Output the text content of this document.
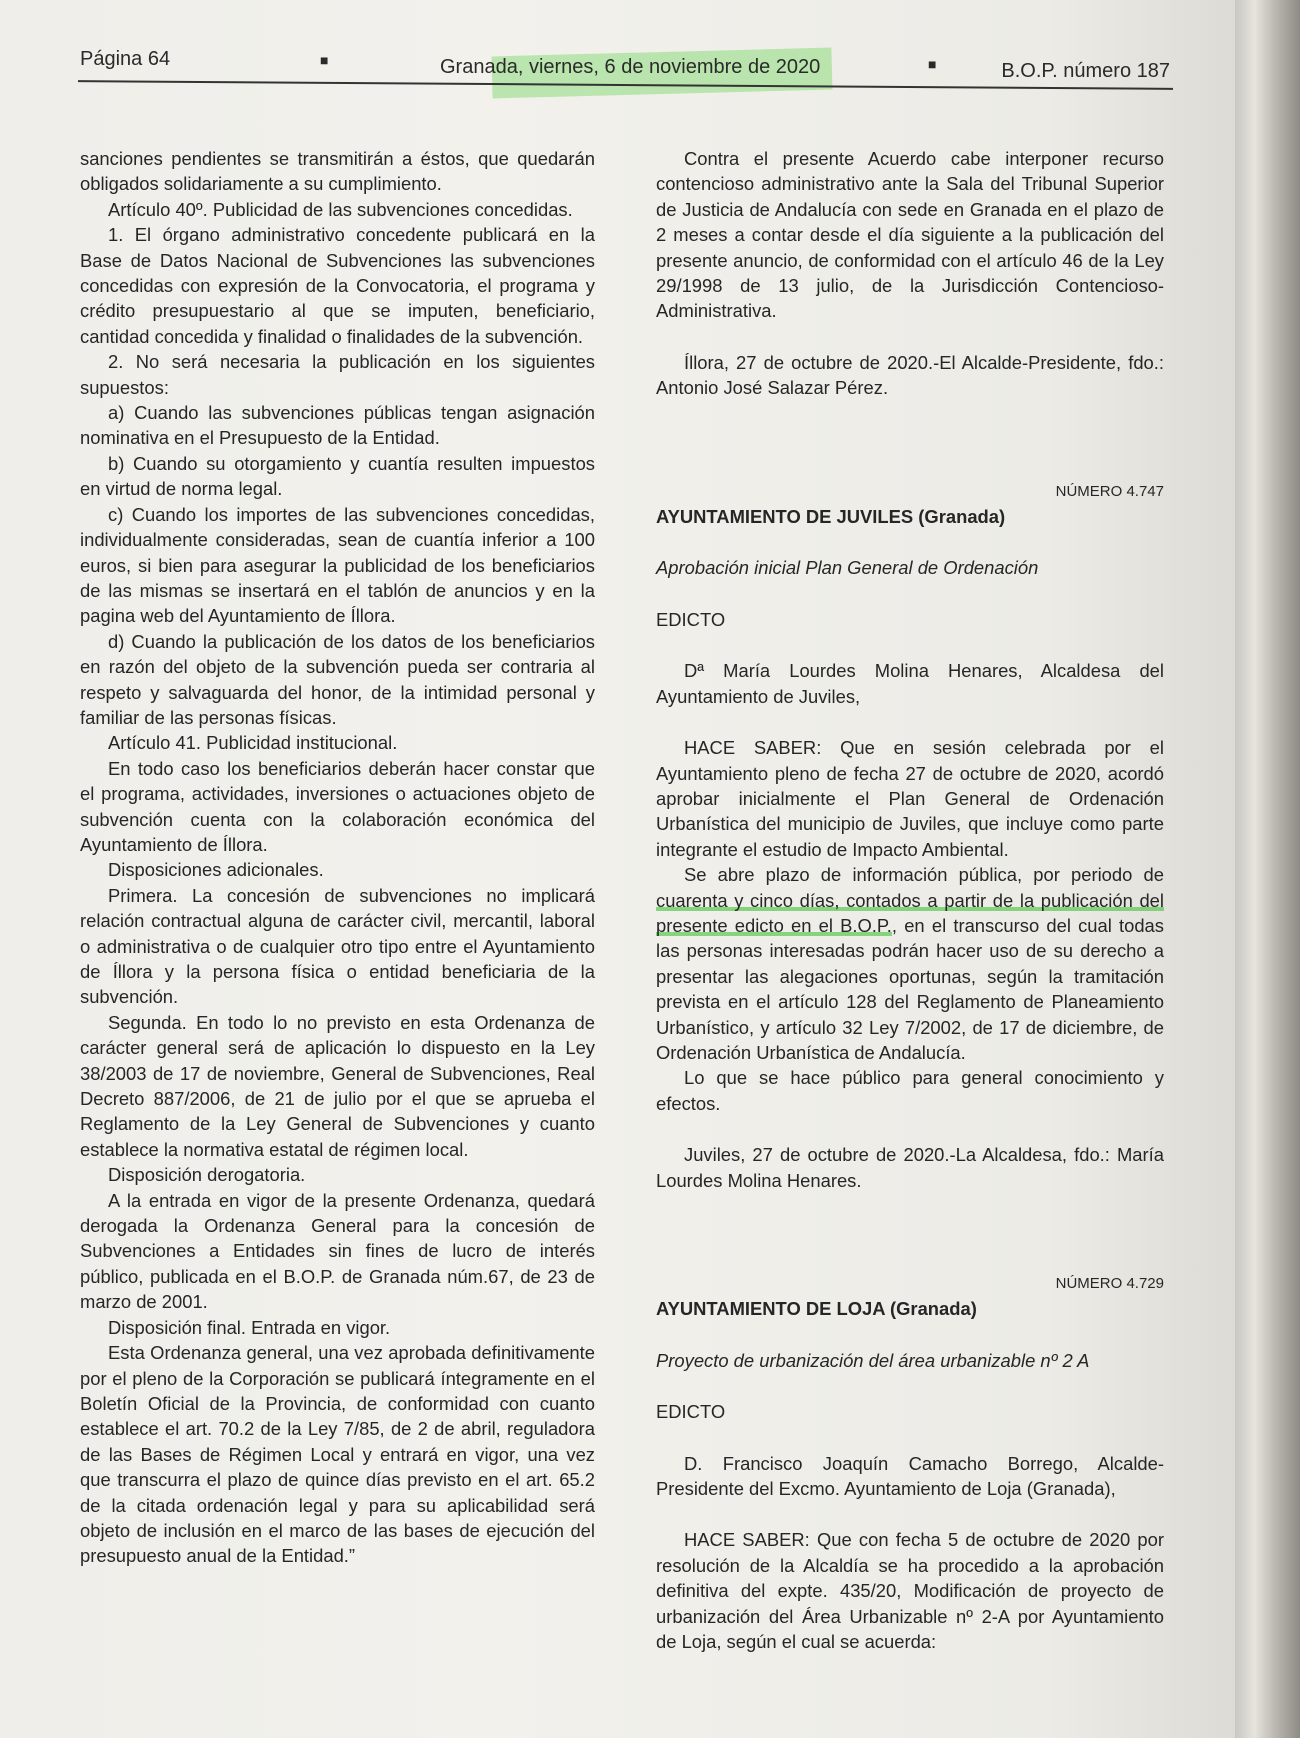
Página 64	■	Granada, viernes, 6 de noviembre de 2020	■	B.O.P. número 187

sanciones pendientes se transmitirán a éstos, que quedarán obligados solidariamente a su cumplimiento.

Artículo 40º. Publicidad de las subvenciones concedidas.

1. El órgano administrativo concedente publicará en la Base de Datos Nacional de Subvenciones las subvenciones concedidas con expresión de la Convocatoria, el programa y crédito presupuestario al que se imputen, beneficiario, cantidad concedida y finalidad o finalidades de la subvención.

2. No será necesaria la publicación en los siguientes supuestos:

a) Cuando las subvenciones públicas tengan asignación nominativa en el Presupuesto de la Entidad.

b) Cuando su otorgamiento y cuantía resulten impuestos en virtud de norma legal.

c) Cuando los importes de las subvenciones concedidas, individualmente consideradas, sean de cuantía inferior a 100 euros, si bien para asegurar la publicidad de los beneficiarios de las mismas se insertará en el tablón de anuncios y en la pagina web del Ayuntamiento de Íllora.

d) Cuando la publicación de los datos de los beneficiarios en razón del objeto de la subvención pueda ser contraria al respeto y salvaguarda del honor, de la intimidad personal y familiar de las personas físicas.

Artículo 41. Publicidad institucional.

En todo caso los beneficiarios deberán hacer constar que el programa, actividades, inversiones o actuaciones objeto de subvención cuenta con la colaboración económica del Ayuntamiento de Íllora.

Disposiciones adicionales.

Primera. La concesión de subvenciones no implicará relación contractual alguna de carácter civil, mercantil, laboral o administrativa o de cualquier otro tipo entre el Ayuntamiento de Íllora y la persona física o entidad beneficiaria de la subvención.

Segunda. En todo lo no previsto en esta Ordenanza de carácter general será de aplicación lo dispuesto en la Ley 38/2003 de 17 de noviembre, General de Subvenciones, Real Decreto 887/2006, de 21 de julio por el que se aprueba el Reglamento de la Ley General de Subvenciones y cuanto establece la normativa estatal de régimen local.

Disposición derogatoria.

A la entrada en vigor de la presente Ordenanza, quedará derogada la Ordenanza General para la concesión de Subvenciones a Entidades sin fines de lucro de interés público, publicada en el B.O.P. de Granada núm.67, de 23 de marzo de 2001.

Disposición final. Entrada en vigor.

Esta Ordenanza general, una vez aprobada definitivamente por el pleno de la Corporación se publicará íntegramente en el Boletín Oficial de la Provincia, de conformidad con cuanto establece el art. 70.2 de la Ley 7/85, de 2 de abril, reguladora de las Bases de Régimen Local y entrará en vigor, una vez que transcurra el plazo de quince días previsto en el art. 65.2 de la citada ordenación legal y para su aplicabilidad será objeto de inclusión en el marco de las bases de ejecución del presupuesto anual de la Entidad.”

Contra el presente Acuerdo cabe interponer recurso contencioso administrativo ante la Sala del Tribunal Superior de Justicia de Andalucía con sede en Granada en el plazo de 2 meses a contar desde el día siguiente a la publicación del presente anuncio, de conformidad con el artículo 46 de la Ley 29/1998 de 13 julio, de la Jurisdicción Contencioso-Administrativa.

Íllora, 27 de octubre de 2020.-El Alcalde-Presidente, fdo.: Antonio José Salazar Pérez.

NÚMERO 4.747

AYUNTAMIENTO DE JUVILES (Granada)

Aprobación inicial Plan General de Ordenación

EDICTO

Dª María Lourdes Molina Henares, Alcaldesa del Ayuntamiento de Juviles,

HACE SABER: Que en sesión celebrada por el Ayuntamiento pleno de fecha 27 de octubre de 2020, acordó aprobar inicialmente el Plan General de Ordenación Urbanística del municipio de Juviles, que incluye como parte integrante el estudio de Impacto Ambiental.

Se abre plazo de información pública, por periodo de cuarenta y cinco días, contados a partir de la publicación del presente edicto en el B.O.P., en el transcurso del cual todas las personas interesadas podrán hacer uso de su derecho a presentar las alegaciones oportunas, según la tramitación prevista en el artículo 128 del Reglamento de Planeamiento Urbanístico, y artículo 32 Ley 7/2002, de 17 de diciembre, de Ordenación Urbanística de Andalucía.

Lo que se hace público para general conocimiento y efectos.

Juviles, 27 de octubre de 2020.-La Alcaldesa, fdo.: María Lourdes Molina Henares.

NÚMERO 4.729

AYUNTAMIENTO DE LOJA (Granada)

Proyecto de urbanización del área urbanizable nº 2 A

EDICTO

D. Francisco Joaquín Camacho Borrego, Alcalde-Presidente del Excmo. Ayuntamiento de Loja (Granada),

HACE SABER: Que con fecha 5 de octubre de 2020 por resolución de la Alcaldía se ha procedido a la aprobación definitiva del expte. 435/20, Modificación de proyecto de urbanización del Área Urbanizable nº 2-A por Ayuntamiento de Loja, según el cual se acuerda:
